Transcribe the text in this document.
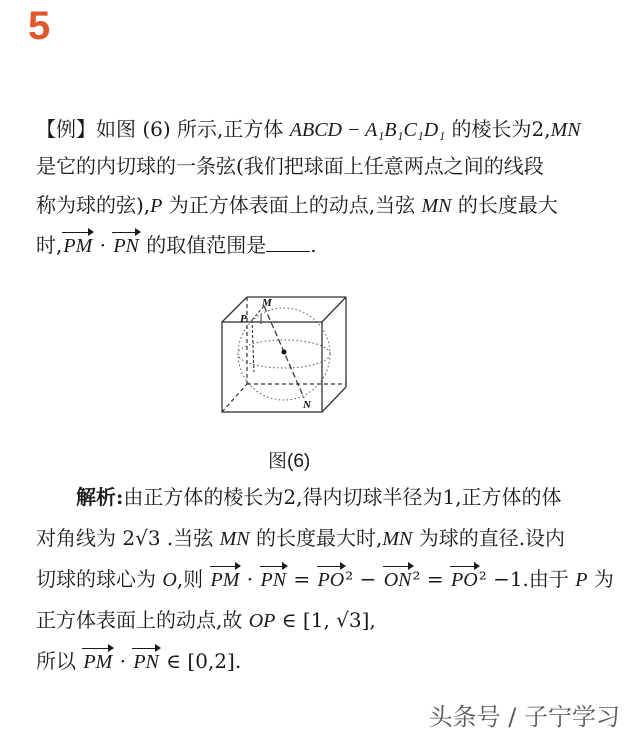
5
【例】如图 (6) 所示,正方体 ABCD − A₁B₁C₁D₁ 的棱长为2,MN
是它的内切球的一条弦(我们把球面上任意两点之间的线段
称为球的弦),P 为正方体表面上的动点,当弦 MN 的长度最大
时,PM · PN 的取值范围是 .
M
P
N
图(6)
解析:由正方体的棱长为2,得内切球半径为1,正方体的体
对角线为 2√3 .当弦 MN 的长度最大时,MN 为球的直径.设内
切球的球心为 O,则 PM · PN = PO² − ON² = PO² −1.由于 P 为
正方体表面上的动点,故 OP ∈ [1, √3],
所以 PM · PN ∈ [0,2].
头条号 / 子宁学习
